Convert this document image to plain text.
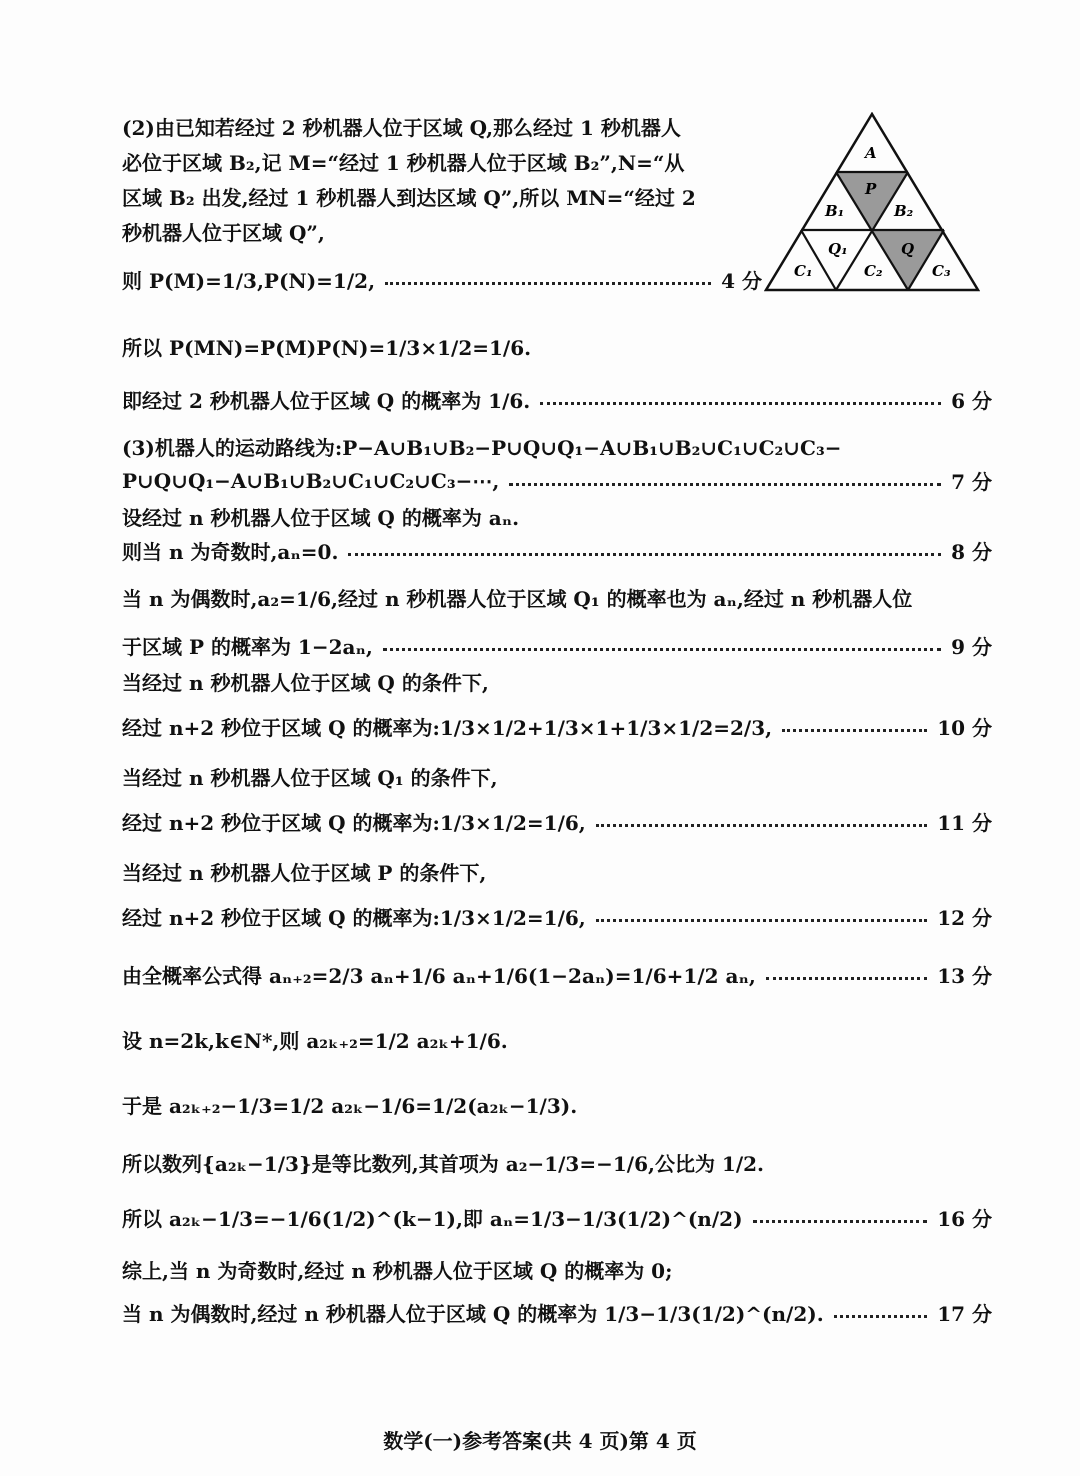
(2)由已知若经过 2 秒机器人位于区域 Q,那么经过 1 秒机器人
必位于区域 B₂,记 M=“经过 1 秒机器人位于区域 B₂”,N=“从
区域 B₂ 出发,经过 1 秒机器人到达区域 Q”,所以 MN=“经过 2
秒机器人位于区域 Q”,
则 P(M)=1/3,P(N)=1/2,	4 分
所以 P(MN)=P(M)P(N)=1/3×1/2=1/6.
即经过 2 秒机器人位于区域 Q 的概率为 1/6.	6 分
(3)机器人的运动路线为:P−A∪B₁∪B₂−P∪Q∪Q₁−A∪B₁∪B₂∪C₁∪C₂∪C₃−
P∪Q∪Q₁−A∪B₁∪B₂∪C₁∪C₂∪C₃−⋯,	7 分
设经过 n 秒机器人位于区域 Q 的概率为 aₙ.
则当 n 为奇数时,aₙ=0.	8 分
当 n 为偶数时,a₂=1/6,经过 n 秒机器人位于区域 Q₁ 的概率也为 aₙ,经过 n 秒机器人位
于区域 P 的概率为 1−2aₙ,	9 分
当经过 n 秒机器人位于区域 Q 的条件下,
经过 n+2 秒位于区域 Q 的概率为:1/3×1/2+1/3×1+1/3×1/2=2/3,	10 分
当经过 n 秒机器人位于区域 Q₁ 的条件下,
经过 n+2 秒位于区域 Q 的概率为:1/3×1/2=1/6,	11 分
当经过 n 秒机器人位于区域 P 的条件下,
经过 n+2 秒位于区域 Q 的概率为:1/3×1/2=1/6,	12 分
由全概率公式得 aₙ₊₂=2/3 aₙ+1/6 aₙ+1/6(1−2aₙ)=1/6+1/2 aₙ,	13 分
设 n=2k,k∈N*,则 a₂ₖ₊₂=1/2 a₂ₖ+1/6.
于是 a₂ₖ₊₂−1/3=1/2 a₂ₖ−1/6=1/2(a₂ₖ−1/3).
所以数列{a₂ₖ−1/3}是等比数列,其首项为 a₂−1/3=−1/6,公比为 1/2.
所以 a₂ₖ−1/3=−1/6(1/2)^(k−1),即 aₙ=1/3−1/3(1/2)^(n/2)	16 分
综上,当 n 为奇数时,经过 n 秒机器人位于区域 Q 的概率为 0;
当 n 为偶数时,经过 n 秒机器人位于区域 Q 的概率为 1/3−1/3(1/2)^(n/2).	17 分
A
P
B₁	B₂
Q₁	Q
C₁	C₂	C₃
数学(一)参考答案(共 4 页)第 4 页
